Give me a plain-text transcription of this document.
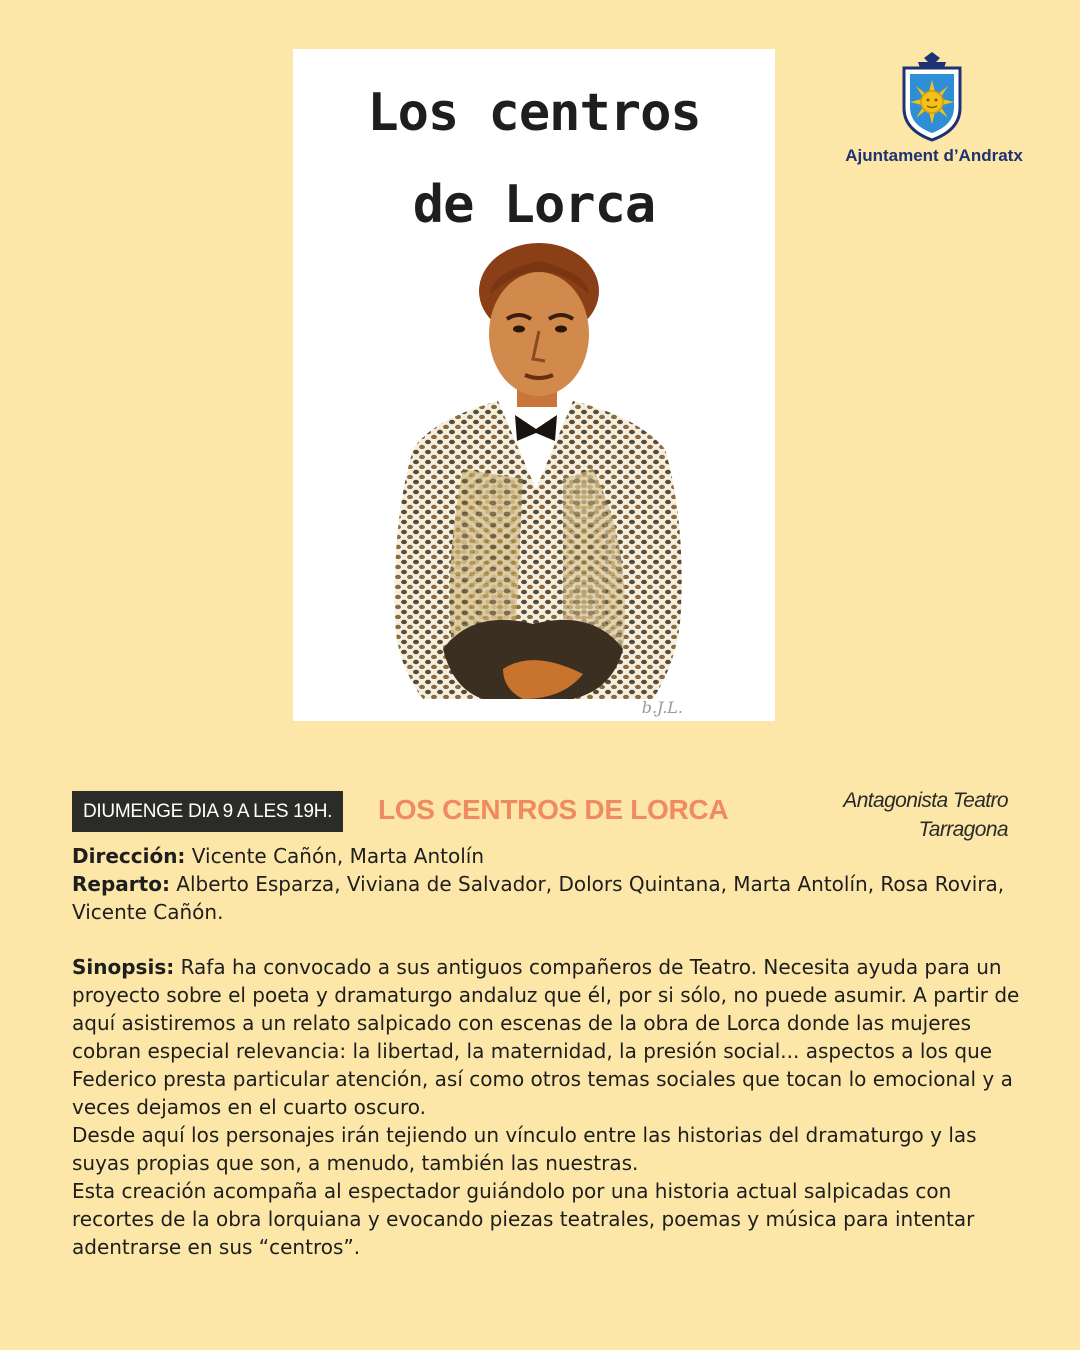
Los centros
de Lorca
b.J.L.
Ajuntament d’Andratx
DIUMENGE DIA 9 A LES 19H.	LOS CENTROS DE LORCA	Antagonista Teatro
Tarragona

Dirección: Vicente Cañón, Marta Antolín

Reparto: Alberto Esparza, Viviana de Salvador, Dolors Quintana, Marta Antolín, Rosa Rovira, Vicente Cañón.

Sinopsis: Rafa ha convocado a sus antiguos compañeros de Teatro. Necesita ayuda para un proyecto sobre el poeta y dramaturgo andaluz que él, por si sólo, no puede asumir. A partir de aquí asistiremos a un relato salpicado con escenas de la obra de Lorca donde las mujeres cobran especial relevancia: la libertad, la maternidad, la presión social... aspectos a los que Federico presta particular atención, así como otros temas sociales que tocan lo emocional y a veces dejamos en el cuarto oscuro.

Desde aquí los personajes irán tejiendo un vínculo entre las historias del dramaturgo y las suyas propias que son, a menudo, también las nuestras.

Esta creación acompaña al espectador guiándolo por una historia actual salpicadas con recortes de la obra lorquiana y evocando piezas teatrales, poemas y música para intentar adentrarse en sus “centros”.
